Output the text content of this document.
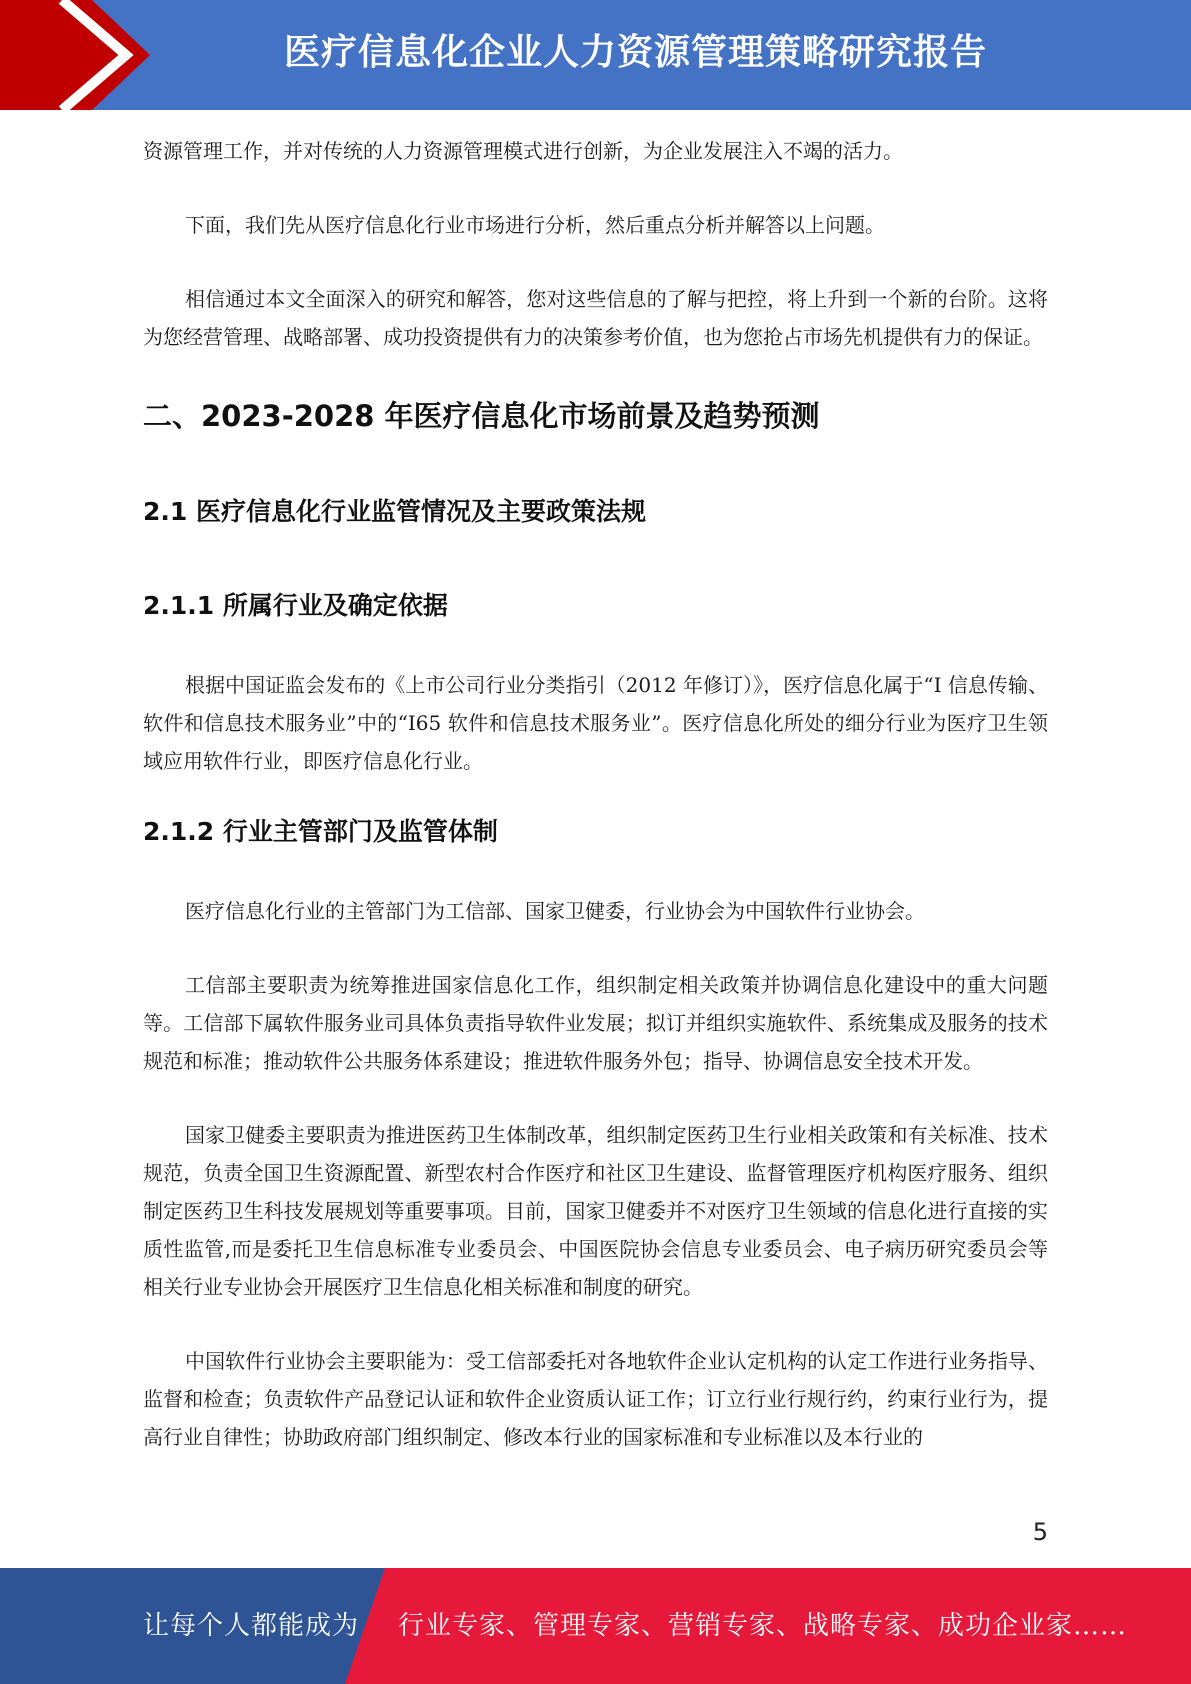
医疗信息化企业人力资源管理策略研究报告

资源管理工作，并对传统的人力资源管理模式进行创新，为企业发展注入不竭的活力。

下面，我们先从医疗信息化行业市场进行分析，然后重点分析并解答以上问题。

相信通过本文全面深入的研究和解答，您对这些信息的了解与把控，将上升到一个新的台阶。这将为您经营管理、战略部署、成功投资提供有力的决策参考价值，也为您抢占市场先机提供有力的保证。

二、2023-2028 年医疗信息化市场前景及趋势预测
2.1 医疗信息化行业监管情况及主要政策法规
2.1.1 所属行业及确定依据

根据中国证监会发布的《上市公司行业分类指引（2012 年修订）》，医疗信息化属于“I 信息传输、软件和信息技术服务业”中的“I65 软件和信息技术服务业”。医疗信息化所处的细分行业为医疗卫生领域应用软件行业，即医疗信息化行业。

2.1.2 行业主管部门及监管体制

医疗信息化行业的主管部门为工信部、国家卫健委，行业协会为中国软件行业协会。

工信部主要职责为统筹推进国家信息化工作，组织制定相关政策并协调信息化建设中的重大问题等。工信部下属软件服务业司具体负责指导软件业发展；拟订并组织实施软件、系统集成及服务的技术规范和标准；推动软件公共服务体系建设；推进软件服务外包；指导、协调信息安全技术开发。

国家卫健委主要职责为推进医药卫生体制改革，组织制定医药卫生行业相关政策和有关标准、技术规范，负责全国卫生资源配置、新型农村合作医疗和社区卫生建设、监督管理医疗机构医疗服务、组织制定医药卫生科技发展规划等重要事项。目前，国家卫健委并不对医疗卫生领域的信息化进行直接的实质性监管,而是委托卫生信息标准专业委员会、中国医院协会信息专业委员会、电子病历研究委员会等相关行业专业协会开展医疗卫生信息化相关标准和制度的研究。

中国软件行业协会主要职能为：受工信部委托对各地软件企业认定机构的认定工作进行业务指导、监督和检查；负责软件产品登记认证和软件企业资质认证工作；订立行业行规行约，约束行业行为，提高行业自律性；协助政府部门组织制定、修改本行业的国家标准和专业标准以及本行业的

5
让每个人都能成为 行业专家、管理专家、营销专家、战略专家、成功企业家……
